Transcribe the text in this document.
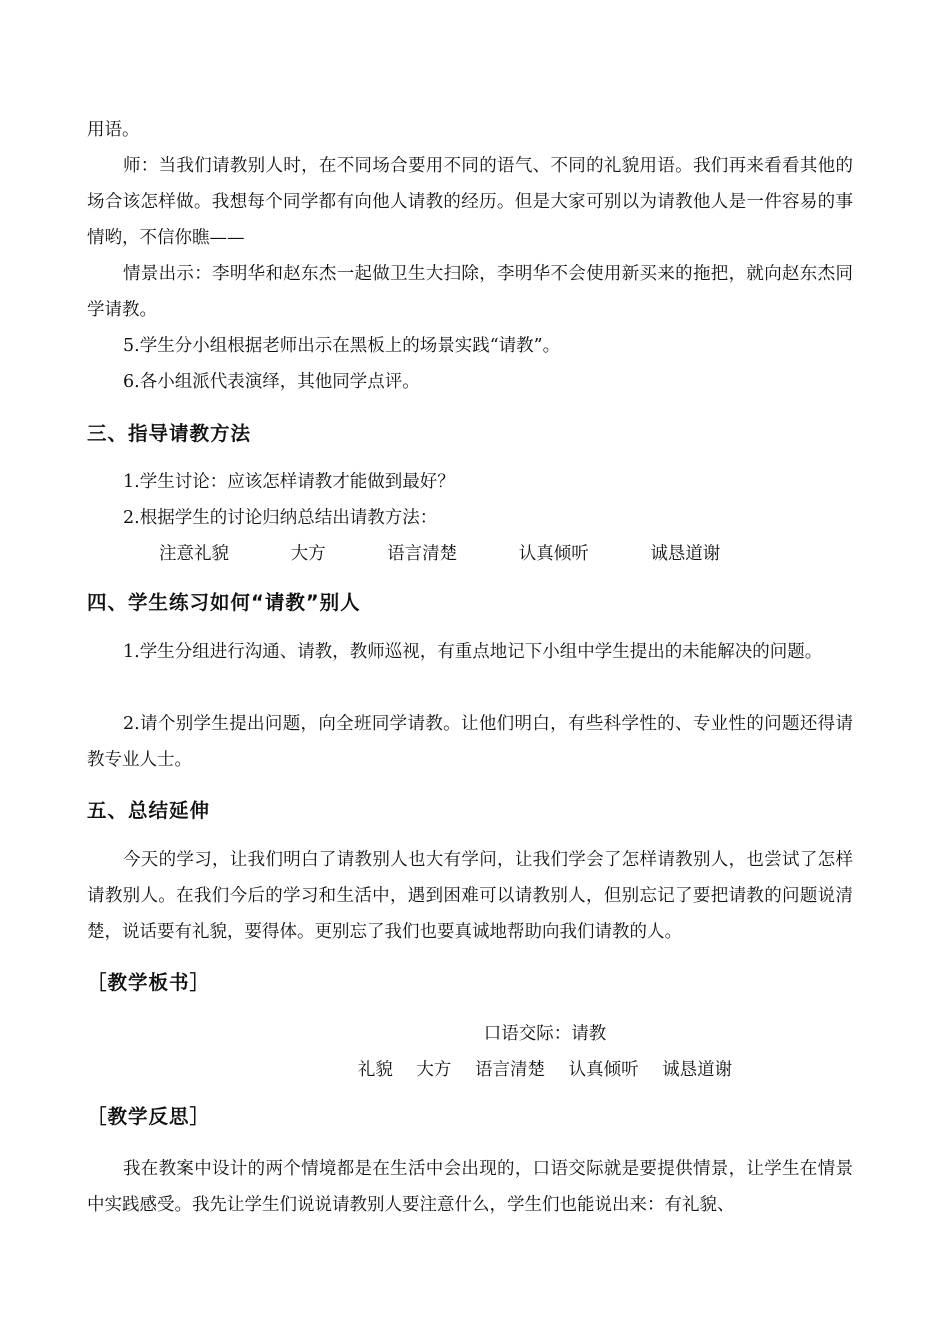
用语。

师：当我们请教别人时，在不同场合要用不同的语气、不同的礼貌用语。我们再来看看其他的场合该怎样做。我想每个同学都有向他人请教的经历。但是大家可别以为请教他人是一件容易的事情哟，不信你瞧——

情景出示：李明华和赵东杰一起做卫生大扫除，李明华不会使用新买来的拖把，就向赵东杰同学请教。

5.学生分小组根据老师出示在黑板上的场景实践“请教”。

6.各小组派代表演绎，其他同学点评。

三、指导请教方法

1.学生讨论：应该怎样请教才能做到最好？

2.根据学生的讨论归纳总结出请教方法：

注意礼貌	大方	语言清楚	认真倾听	诚恳道谢

四、学生练习如何“请教”别人

1.学生分组进行沟通、请教，教师巡视，有重点地记下小组中学生提出的未能解决的问题。

2.请个别学生提出问题，向全班同学请教。让他们明白，有些科学性的、专业性的问题还得请教专业人士。

五、总结延伸

今天的学习，让我们明白了请教别人也大有学问，让我们学会了怎样请教别人，也尝试了怎样请教别人。在我们今后的学习和生活中，遇到困难可以请教别人，但别忘记了要把请教的问题说清楚，说话要有礼貌，要得体。更别忘了我们也要真诚地帮助向我们请教的人。

［教学板书］

口语交际：请教

礼貌 大方 语言清楚 认真倾听 诚恳道谢

［教学反思］

我在教案中设计的两个情境都是在生活中会出现的，口语交际就是要提供情景，让学生在情景中实践感受。我先让学生们说说请教别人要注意什么，学生们也能说出来：有礼貌、
